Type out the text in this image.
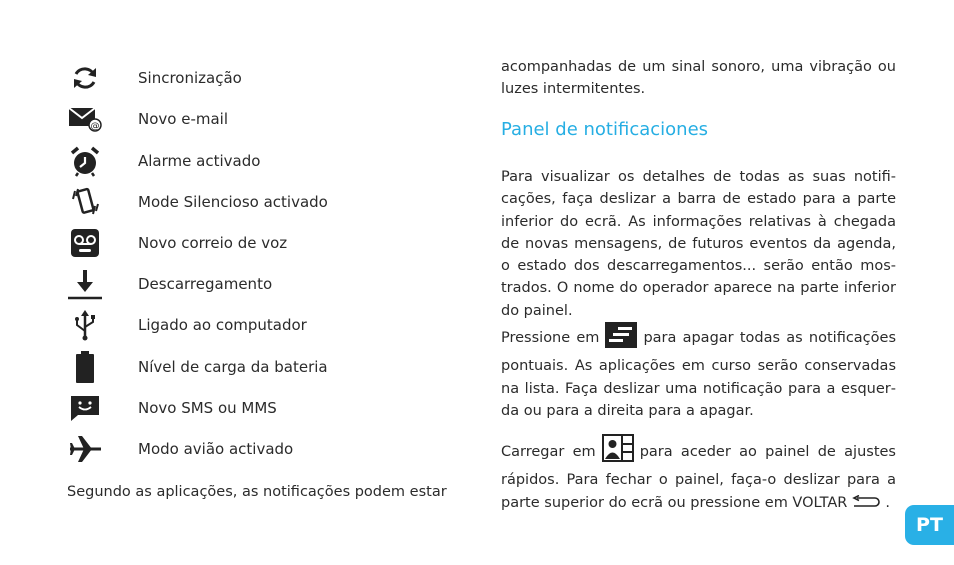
Sincronização
@	Novo e-mail
Alarme activado
Mode Silencioso activado
Novo correio de voz
Descarregamento
Ligado ao computador
Nível de carga da bateria
Novo SMS ou MMS
Modo avião activado
Segundo as aplicações, as notificações podem estar
acompanhadas de um sinal sonoro, uma vibração ou luzes intermitentes.
Panel de notificaciones
Para visualizar os detalhes de todas as suas notificações, faça deslizar a barra de estado para a parte inferior do ecrã. As informações relativas à chegada de novas mensagens, de futuros eventos da agenda, o estado dos descarregamentos... serão então mostrados. O nome do operador aparece na parte inferior do painel.
Pressione em	para apagar todas as notificações pontuais. As aplicações em curso serão conservadas na lista. Faça deslizar uma notificação para a esquerda ou para a direita para a apagar.
Carregar em	para aceder ao painel de ajustes rápidos. Para fechar o painel, faça-o deslizar para a parte superior do ecrã ou pressione em VOLTAR	.
PT
